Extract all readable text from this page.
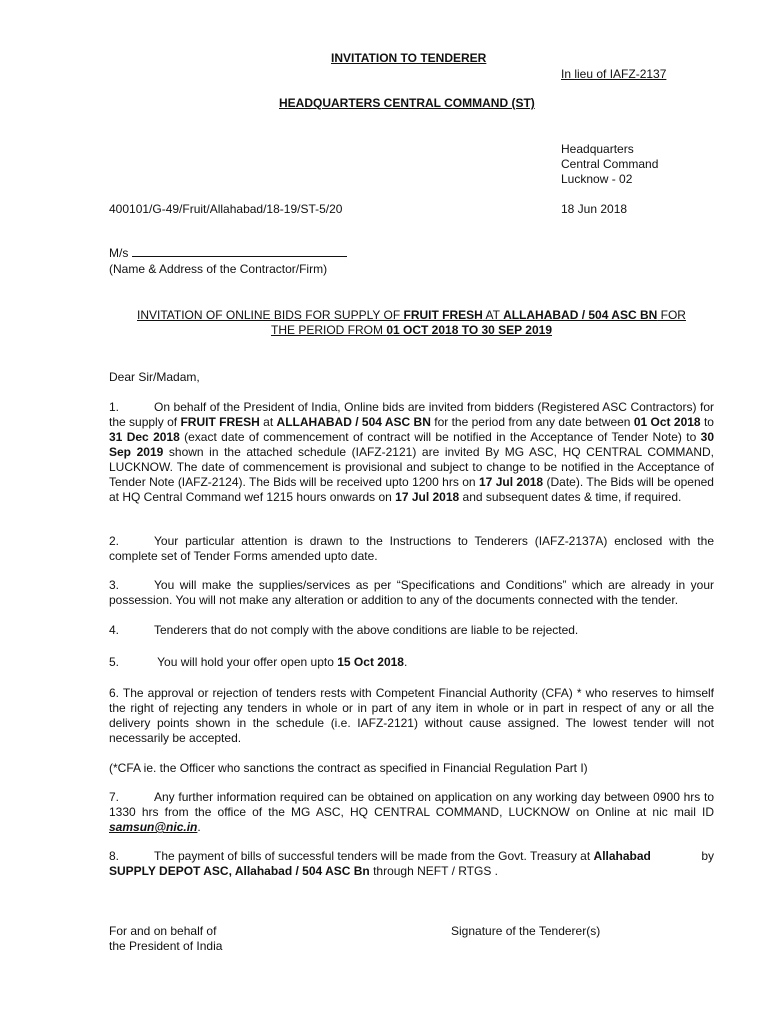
INVITATION TO TENDERER
In lieu of IAFZ-2137
HEADQUARTERS CENTRAL COMMAND (ST)
Headquarters
Central Command
Lucknow - 02
400101/G-49/Fruit/Allahabad/18-19/ST-5/20	18 Jun 2018
M/s
(Name & Address of the Contractor/Firm)
INVITATION OF ONLINE BIDS FOR SUPPLY OF FRUIT FRESH AT ALLAHABAD / 504 ASC BN FOR
THE PERIOD FROM 01 OCT 2018 TO 30 SEP 2019
Dear Sir/Madam,
1.	On behalf of the President of India, Online bids are invited from bidders (Registered ASC Contractors) for the supply of FRUIT FRESH at ALLAHABAD / 504 ASC BN for the period from any date between 01 Oct 2018 to 31 Dec 2018 (exact date of commencement of contract will be notified in the Acceptance of Tender Note) to 30 Sep 2019 shown in the attached schedule (IAFZ-2121) are invited By MG ASC, HQ CENTRAL COMMAND, LUCKNOW. The date of commencement is provisional and subject to change to be notified in the Acceptance of Tender Note (IAFZ-2124). The Bids will be received upto 1200 hrs on 17 Jul 2018 (Date). The Bids will be opened at HQ Central Command wef 1215 hours onwards on 17 Jul 2018 and subsequent dates & time, if required.
2.	Your particular attention is drawn to the Instructions to Tenderers (IAFZ-2137A) enclosed with the complete set of Tender Forms amended upto date.
3.	You will make the supplies/services as per “Specifications and Conditions” which are already in your possession. You will not make any alteration or addition to any of the documents connected with the tender.
4.	Tenderers that do not comply with the above conditions are liable to be rejected.
5.	You will hold your offer open upto 15 Oct 2018.
6. The approval or rejection of tenders rests with Competent Financial Authority (CFA) * who reserves to himself the right of rejecting any tenders in whole or in part of any item in whole or in part in respect of any or all the delivery points shown in the schedule (i.e. IAFZ-2121) without cause assigned. The lowest tender will not necessarily be accepted.
(*CFA ie. the Officer who sanctions the contract as specified in Financial Regulation Part I)
7.	Any further information required can be obtained on application on any working day between 0900 hrs to 1330 hrs from the office of the MG ASC, HQ CENTRAL COMMAND, LUCKNOW on Online at nic mail ID samsun@nic.in.
8.	The payment of bills of successful tenders will be made from the Govt. Treasury at Allahabad	by
SUPPLY DEPOT ASC, Allahabad / 504 ASC Bn through NEFT / RTGS .
For and on behalf of
the President of India
Signature of the Tenderer(s)
